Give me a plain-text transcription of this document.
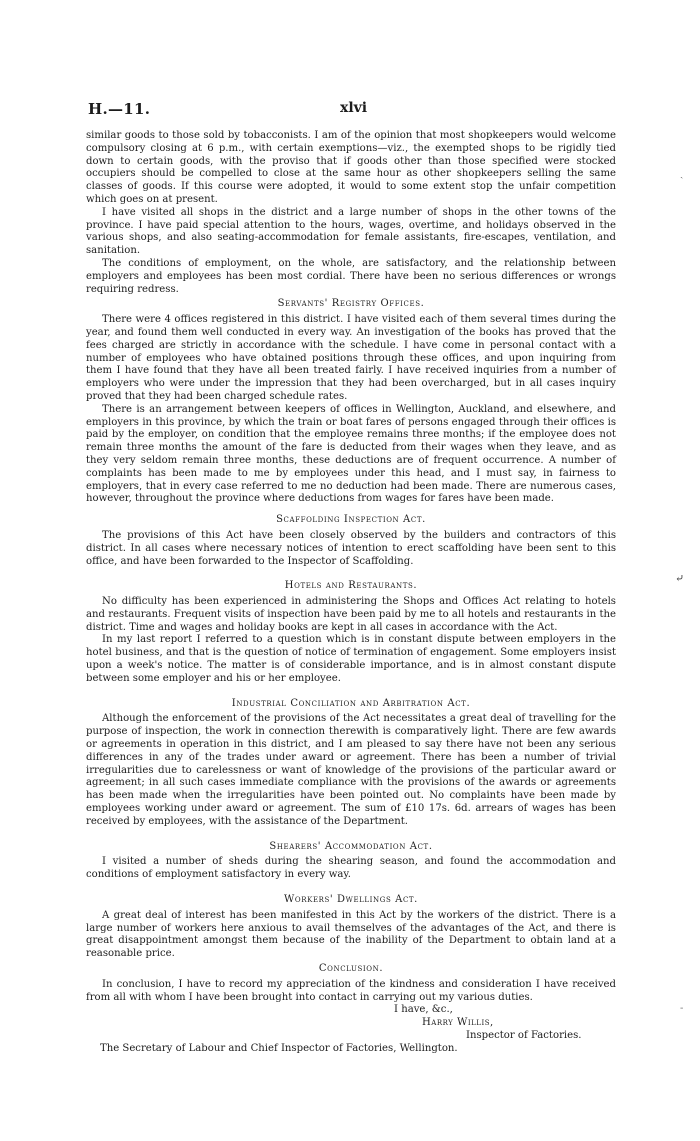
H.—11.	xlvi
ˎ
⤶
-

similar goods to those sold by tobacconists. I am of the opinion that most shopkeepers would welcome compulsory closing at 6 p.m., with certain exemptions—viz., the exempted shops to be rigidly tied down to certain goods, with the proviso that if goods other than those specified were stocked occupiers should be compelled to close at the same hour as other shopkeepers selling the same classes of goods. If this course were adopted, it would to some extent stop the unfair competition which goes on at present.

I have visited all shops in the district and a large number of shops in the other towns of the province. I have paid special attention to the hours, wages, overtime, and holidays observed in the various shops, and also seating-accommodation for female assistants, fire-escapes, ventilation, and sanitation.

The conditions of employment, on the whole, are satisfactory, and the relationship between employers and employees has been most cordial. There have been no serious differences or wrongs requiring redress.

Servants' Registry Offices.

There were 4 offices registered in this district. I have visited each of them several times during the year, and found them well conducted in every way. An investigation of the books has proved that the fees charged are strictly in accordance with the schedule. I have come in personal contact with a number of employees who have obtained positions through these offices, and upon inquiring from them I have found that they have all been treated fairly. I have received inquiries from a number of employers who were under the impression that they had been overcharged, but in all cases inquiry proved that they had been charged schedule rates.

There is an arrangement between keepers of offices in Wellington, Auckland, and elsewhere, and employers in this province, by which the train or boat fares of persons engaged through their offices is paid by the employer, on condition that the employee remains three months; if the employee does not remain three months the amount of the fare is deducted from their wages when they leave, and as they very seldom remain three months, these deductions are of frequent occurrence. A number of complaints has been made to me by employees under this head, and I must say, in fairness to employers, that in every case referred to me no deduction had been made. There are numerous cases, however, throughout the province where deductions from wages for fares have been made.

Scaffolding Inspection Act.

The provisions of this Act have been closely observed by the builders and contractors of this district. In all cases where necessary notices of intention to erect scaffolding have been sent to this office, and have been forwarded to the Inspector of Scaffolding.

Hotels and Restaurants.

No difficulty has been experienced in administering the Shops and Offices Act relating to hotels and restaurants. Frequent visits of inspection have been paid by me to all hotels and restaurants in the district. Time and wages and holiday books are kept in all cases in accordance with the Act.

In my last report I referred to a question which is in constant dispute between employers in the hotel business, and that is the question of notice of termination of engagement. Some employers insist upon a week's notice. The matter is of considerable importance, and is in almost constant dispute between some employer and his or her employee.

Industrial Conciliation and Arbitration Act.

Although the enforcement of the provisions of the Act necessitates a great deal of travelling for the purpose of inspection, the work in connection therewith is comparatively light. There are few awards or agreements in operation in this district, and I am pleased to say there have not been any serious differences in any of the trades under award or agreement. There has been a number of trivial irregularities due to carelessness or want of knowledge of the provisions of the particular award or agreement; in all such cases immediate compliance with the provisions of the awards or agreements has been made when the irregularities have been pointed out. No complaints have been made by employees working under award or agreement. The sum of £10 17s. 6d. arrears of wages has been received by employees, with the assistance of the Department.

Shearers' Accommodation Act.

I visited a number of sheds during the shearing season, and found the accommodation and conditions of employment satisfactory in every way.

Workers' Dwellings Act.

A great deal of interest has been manifested in this Act by the workers of the district. There is a large number of workers here anxious to avail themselves of the advantages of the Act, and there is great disappointment amongst them because of the inability of the Department to obtain land at a reasonable price.

Conclusion.

In conclusion, I have to record my appreciation of the kindness and consideration I have received from all with whom I have been brought into contact in carrying out my various duties.

I have, &c.,
Harry Willis,
Inspector of Factories.
The Secretary of Labour and Chief Inspector of Factories, Wellington.
